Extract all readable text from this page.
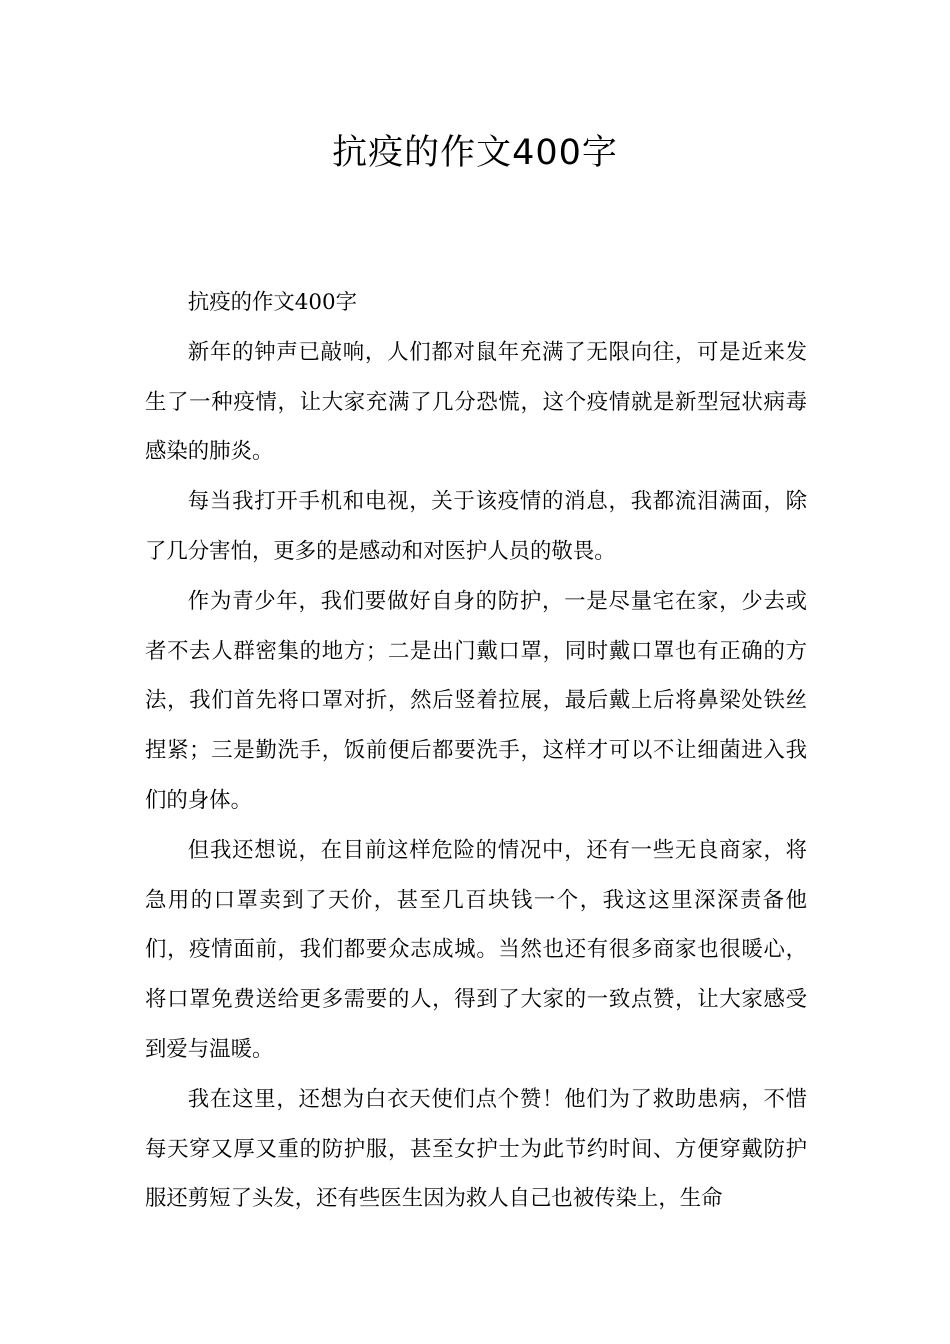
抗疫的作文400字

抗疫的作文400字

新年的钟声已敲响，人们都对鼠年充满了无限向往，可是近来发生了一种疫情，让大家充满了几分恐慌，这个疫情就是新型冠状病毒感染的肺炎。

每当我打开手机和电视，关于该疫情的消息，我都流泪满面，除了几分害怕，更多的是感动和对医护人员的敬畏。

作为青少年，我们要做好自身的防护，一是尽量宅在家，少去或者不去人群密集的地方；二是出门戴口罩，同时戴口罩也有正确的方法，我们首先将口罩对折，然后竖着拉展，最后戴上后将鼻梁处铁丝捏紧；三是勤洗手，饭前便后都要洗手，这样才可以不让细菌进入我们的身体。

但我还想说，在目前这样危险的情况中，还有一些无良商家，将急用的口罩卖到了天价，甚至几百块钱一个，我这这里深深责备他们，疫情面前，我们都要众志成城。当然也还有很多商家也很暖心，将口罩免费送给更多需要的人，得到了大家的一致点赞，让大家感受到爱与温暖。

我在这里，还想为白衣天使们点个赞！他们为了救助患病，不惜每天穿又厚又重的防护服，甚至女护士为此节约时间、方便穿戴防护服还剪短了头发，还有些医生因为救人自己也被传染上，生命
